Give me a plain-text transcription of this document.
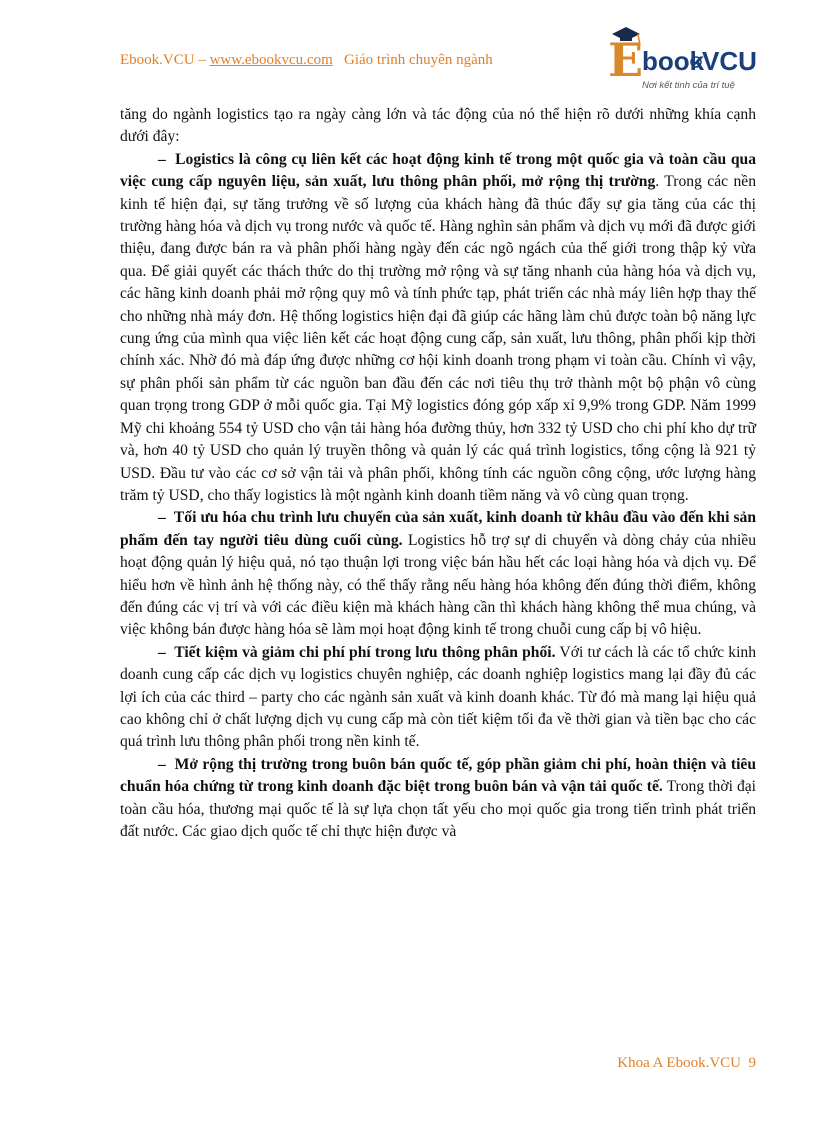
Ebook.VCU – www.ebookvcu.com Giáo trình chuyên ngành	E
book
VCU
Nơi kết tinh của trí tuệ

tăng do ngành logistics tạo ra ngày càng lớn và tác động của nó thể hiện rõ dưới những khía cạnh dưới đây:

– Logistics là công cụ liên kết các hoạt động kinh tế trong một quốc gia và toàn cầu qua việc cung cấp nguyên liệu, sản xuất, lưu thông phân phối, mở rộng thị trường. Trong các nền kinh tế hiện đại, sự tăng trưởng về số lượng của khách hàng đã thúc đẩy sự gia tăng của các thị trường hàng hóa và dịch vụ trong nước và quốc tế. Hàng nghìn sản phẩm và dịch vụ mới đã được giới thiệu, đang được bán ra và phân phối hàng ngày đến các ngõ ngách của thế giới trong thập kỷ vừa qua. Để giải quyết các thách thức do thị trường mở rộng và sự tăng nhanh của hàng hóa và dịch vụ, các hãng kinh doanh phải mở rộng quy mô và tính phức tạp, phát triển các nhà máy liên hợp thay thế cho những nhà máy đơn. Hệ thống logistics hiện đại đã giúp các hãng làm chủ được toàn bộ năng lực cung ứng của mình qua việc liên kết các hoạt động cung cấp, sản xuất, lưu thông, phân phối kịp thời chính xác. Nhờ đó mà đáp ứng được những cơ hội kinh doanh trong phạm vi toàn cầu. Chính vì vậy, sự phân phối sản phẩm từ các nguồn ban đầu đến các nơi tiêu thụ trở thành một bộ phận vô cùng quan trọng trong GDP ở mỗi quốc gia. Tại Mỹ logistics đóng góp xấp xỉ 9,9% trong GDP. Năm 1999 Mỹ chi khoảng 554 tỷ USD cho vận tải hàng hóa đường thủy, hơn 332 tỷ USD cho chi phí kho dự trữ và, hơn 40 tỷ USD cho quản lý truyền thông và quản lý các quá trình logistics, tổng cộng là 921 tỷ USD. Đầu tư vào các cơ sở vận tải và phân phối, không tính các nguồn công cộng, ước lượng hàng trăm tỷ USD, cho thấy logistics là một ngành kinh doanh tiềm năng và vô cùng quan trọng.

– Tối ưu hóa chu trình lưu chuyển của sản xuất, kinh doanh từ khâu đầu vào đến khi sản phẩm đến tay người tiêu dùng cuối cùng. Logistics hỗ trợ sự di chuyển và dòng chảy của nhiều hoạt động quản lý hiệu quả, nó tạo thuận lợi trong việc bán hầu hết các loại hàng hóa và dịch vụ. Để hiểu hơn về hình ảnh hệ thống này, có thể thấy rằng nếu hàng hóa không đến đúng thời điểm, không đến đúng các vị trí và với các điều kiện mà khách hàng cần thì khách hàng không thể mua chúng, và việc không bán được hàng hóa sẽ làm mọi hoạt động kinh tế trong chuỗi cung cấp bị vô hiệu.

– Tiết kiệm và giảm chi phí phí trong lưu thông phân phối. Với tư cách là các tổ chức kinh doanh cung cấp các dịch vụ logistics chuyên nghiệp, các doanh nghiệp logistics mang lại đầy đủ các lợi ích của các third – party cho các ngành sản xuất và kinh doanh khác. Từ đó mà mang lại hiệu quả cao không chỉ ở chất lượng dịch vụ cung cấp mà còn tiết kiệm tối đa về thời gian và tiền bạc cho các quá trình lưu thông phân phối trong nền kinh tế.

– Mở rộng thị trường trong buôn bán quốc tế, góp phần giảm chi phí, hoàn thiện và tiêu chuẩn hóa chứng từ trong kinh doanh đặc biệt trong buôn bán và vận tải quốc tế. Trong thời đại toàn cầu hóa, thương mại quốc tế là sự lựa chọn tất yếu cho mọi quốc gia trong tiến trình phát triển đất nước. Các giao dịch quốc tế chỉ thực hiện được và

Khoa A Ebook.VCU 9
